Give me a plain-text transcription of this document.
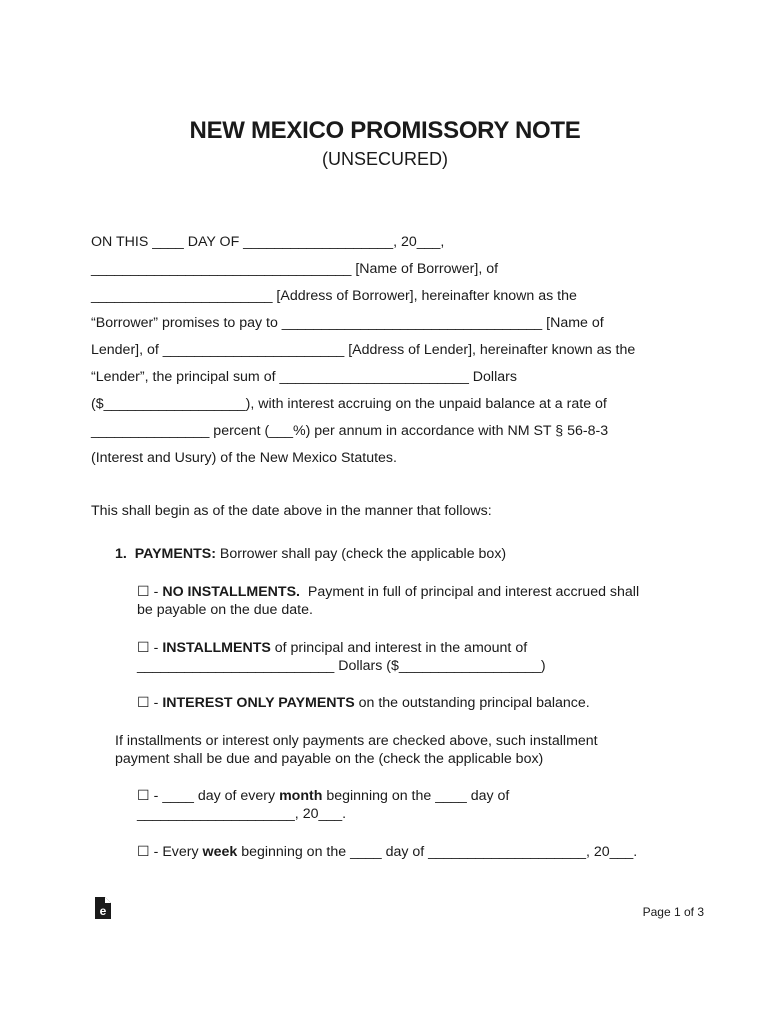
NEW MEXICO PROMISSORY NOTE
(UNSECURED)
ON THIS ____ DAY OF ___________________, 20___,
_________________________________ [Name of Borrower], of
_______________________ [Address of Borrower], hereinafter known as the
“Borrower” promises to pay to _________________________________ [Name of
Lender], of _______________________ [Address of Lender], hereinafter known as the
“Lender”, the principal sum of ________________________ Dollars
($__________________), with interest accruing on the unpaid balance at a rate of
_______________ percent (___%) per annum in accordance with NM ST § 56-8-3
(Interest and Usury) of the New Mexico Statutes.
This shall begin as of the date above in the manner that follows:
1. PAYMENTS: Borrower shall pay (check the applicable box)
☐ - NO INSTALLMENTS.  Payment in full of principal and interest accrued shall
be payable on the due date.
☐ - INSTALLMENTS of principal and interest in the amount of
_________________________ Dollars ($__________________)
☐ - INTEREST ONLY PAYMENTS on the outstanding principal balance.
If installments or interest only payments are checked above, such installment
payment shall be due and payable on the (check the applicable box)
☐ - ____ day of every month beginning on the ____ day of
____________________, 20___.
☐ - Every week beginning on the ____ day of ____________________, 20___.
e	Page 1 of 3
